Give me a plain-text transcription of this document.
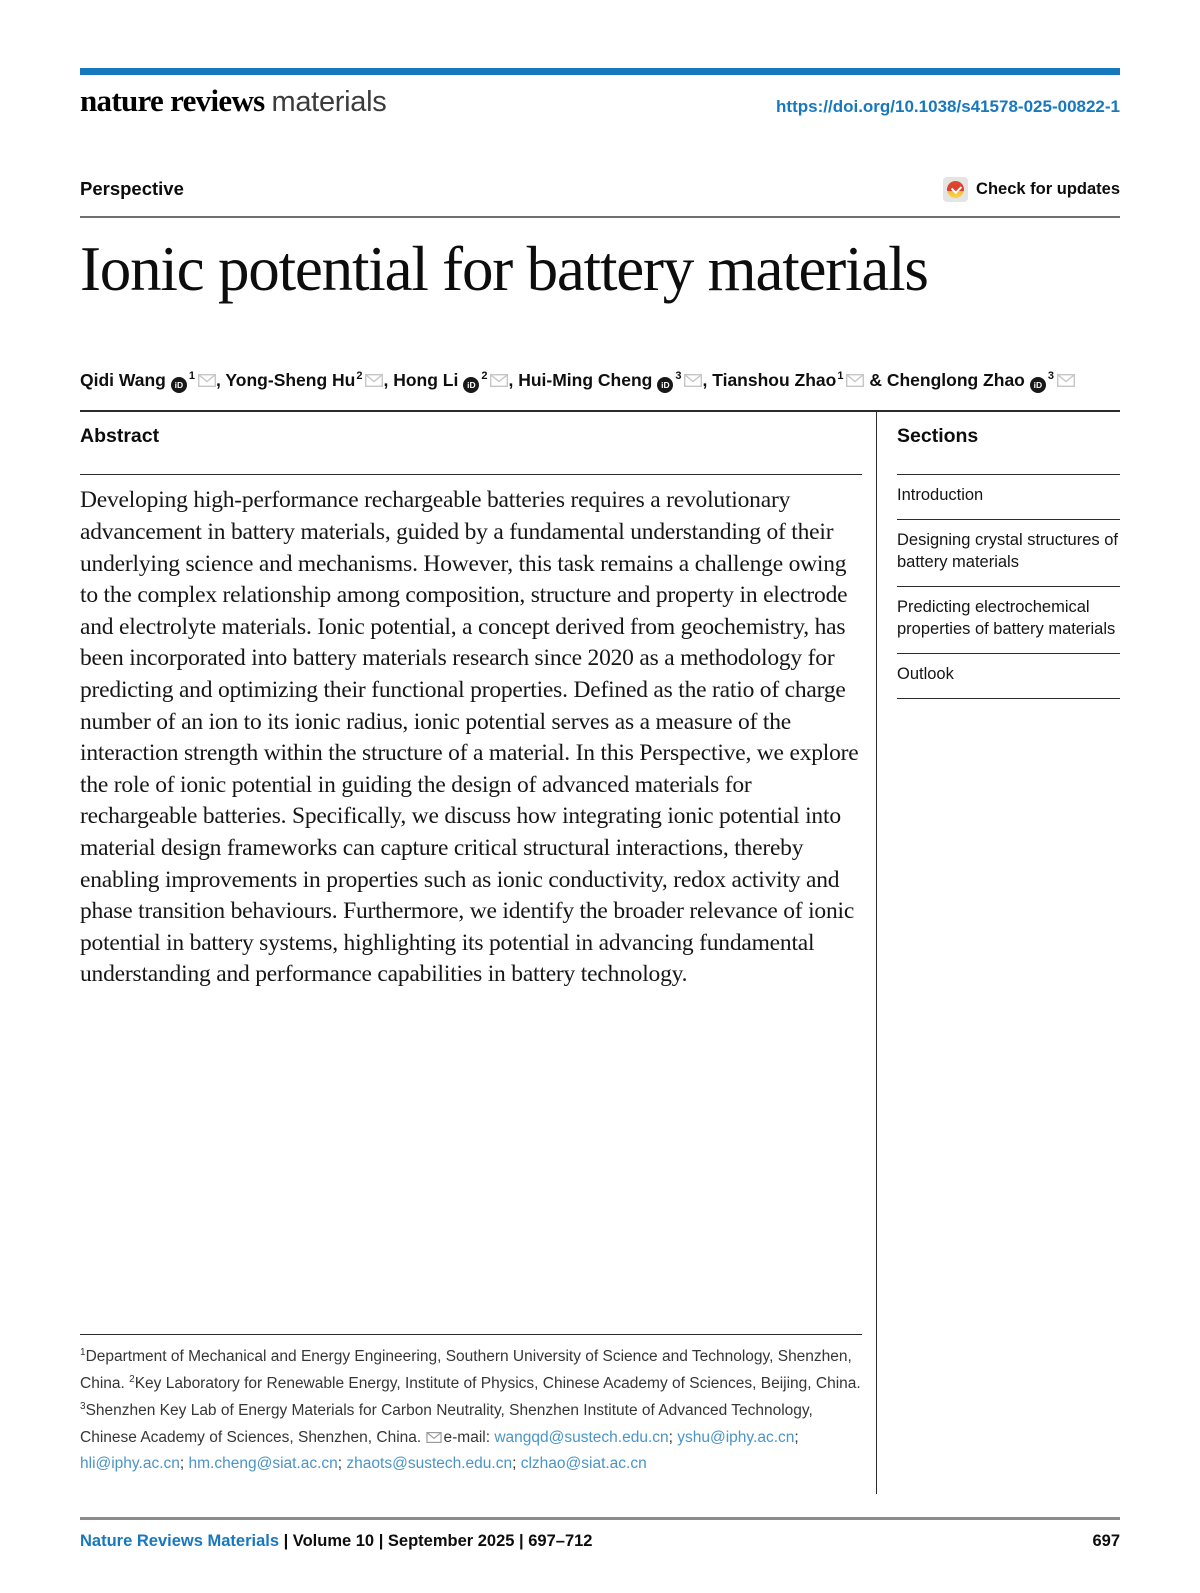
nature reviews materials	https://doi.org/10.1038/s41578-025-00822-1
Perspective	Check for updates
Ionic potential for battery materials

Qidi Wang $iD^1$ , Yong-Sheng Hu$^2$ , Hong Li $iD^2$ , Hui-Ming Cheng $iD^3$ , Tianshou Zhao$^1$ & Chenglong Zhao $iD^3$

Abstract

Developing high-performance rechargeable batteries requires a revolutionary advancement in battery materials, guided by a fundamental understanding of their underlying science and mechanisms. However, this task remains a challenge owing to the complex relationship among composition, structure and property in electrode and electrolyte materials. Ionic potential, a concept derived from geochemistry, has been incorporated into battery materials research since 2020 as a methodology for predicting and optimizing their functional properties. Defined as the ratio of charge number of an ion to its ionic radius, ionic potential serves as a measure of the interaction strength within the structure of a material. In this Perspective, we explore the role of ionic potential in guiding the design of advanced materials for rechargeable batteries. Specifically, we discuss how integrating ionic potential into material design frameworks can capture critical structural interactions, thereby enabling improvements in properties such as ionic conductivity, redox activity and phase transition behaviours. Furthermore, we identify the broader relevance of ionic potential in battery systems, highlighting its potential in advancing fundamental understanding and performance capabilities in battery technology.

$^1$Department of Mechanical and Energy Engineering, Southern University of Science and Technology, Shenzhen, China. $^2$Key Laboratory for Renewable Energy, Institute of Physics, Chinese Academy of Sciences, Beijing, China. $^3$Shenzhen Key Lab of Energy Materials for Carbon Neutrality, Shenzhen Institute of Advanced Technology, Chinese Academy of Sciences, Shenzhen, China. e-mail: wangqd@sustech.edu.cn; yshu@iphy.ac.cn; hli@iphy.ac.cn; hm.cheng@siat.ac.cn; zhaots@sustech.edu.cn; clzhao@siat.ac.cn
Sections
Introduction
Designing crystal structures of battery materials
Predicting electrochemical properties of battery materials
Outlook
Nature Reviews Materials | Volume 10 | September 2025 | 697–712	697
